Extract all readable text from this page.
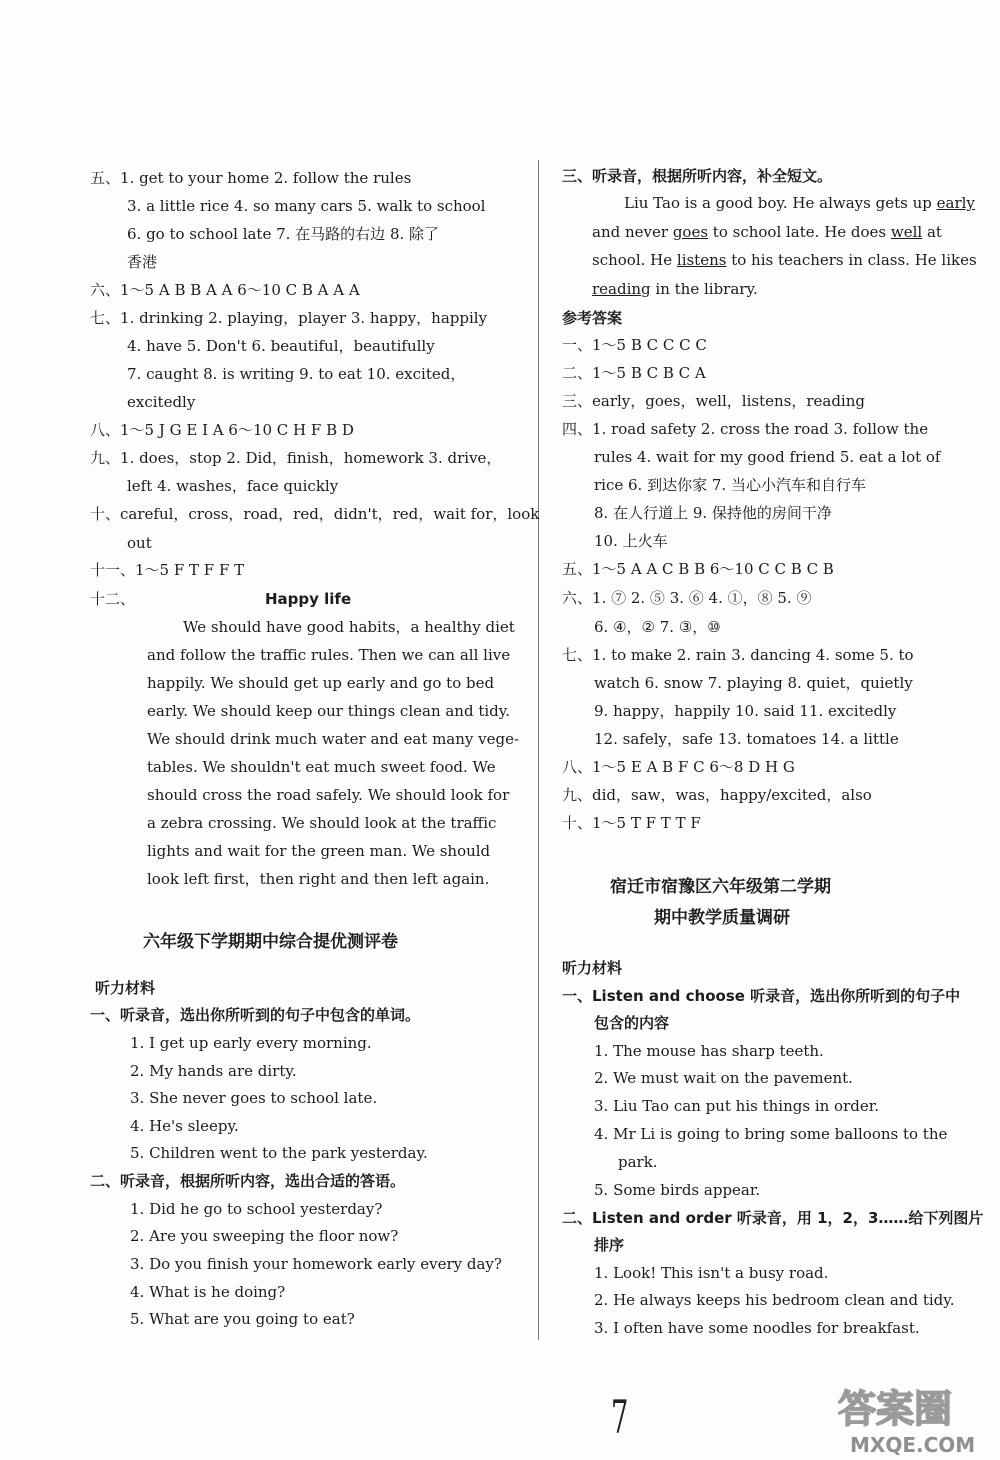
五、1. get to your home 2. follow the rules
3. a little rice 4. so many cars 5. walk to school
6. go to school late 7. 在马路的右边 8. 除了
香港
六、1～5 A B B A A 6～10 C B A A A
七、1. drinking 2. playing，player 3. happy，happily
4. have 5. Don't 6. beautiful，beautifully
7. caught 8. is writing 9. to eat 10. excited，
excitedly
八、1～5 J G E I A 6～10 C H F B D
九、1. does，stop 2. Did，finish，homework 3. drive，
left 4. washes，face quickly
十、careful，cross，road，red，didn't，red，wait for，look
out
十一、1～5 F T F F T
十二、	Happy life
We should have good habits，a healthy diet
and follow the traffic rules. Then we can all live
happily. We should get up early and go to bed
early. We should keep our things clean and tidy.
We should drink much water and eat many vege-
tables. We shouldn't eat much sweet food. We
should cross the road safely. We should look for
a zebra crossing. We should look at the traffic
lights and wait for the green man. We should
look left first，then right and then left again.
六年级下学期期中综合提优测评卷
听力材料
一、听录音，选出你所听到的句子中包含的单词。
1. I get up early every morning.
2. My hands are dirty.
3. She never goes to school late.
4. He's sleepy.
5. Children went to the park yesterday.
二、听录音，根据所听内容，选出合适的答语。
1. Did he go to school yesterday?
2. Are you sweeping the floor now?
3. Do you finish your homework early every day?
4. What is he doing?
5. What are you going to eat?
三、听录音，根据所听内容，补全短文。
Liu Tao is a good boy. He always gets up early
and never goes to school late. He does well at
school. He listens to his teachers in class. He likes
reading in the library.
参考答案
一、1～5 B C C C C
二、1～5 B C B C A
三、early，goes，well，listens，reading
四、1. road safety 2. cross the road 3. follow the
rules 4. wait for my good friend 5. eat a lot of
rice 6. 到达你家 7. 当心小汽车和自行车
8. 在人行道上 9. 保持他的房间干净
10. 上火车
五、1～5 A A C B B 6～10 C C B C B
六、1. ⑦ 2. ⑤ 3. ⑥ 4. ①，⑧ 5. ⑨
6. ④，② 7. ③，⑩
七、1. to make 2. rain 3. dancing 4. some 5. to
watch 6. snow 7. playing 8. quiet，quietly
9. happy，happily 10. said 11. excitedly
12. safely，safe 13. tomatoes 14. a little
八、1～5 E A B F C 6～8 D H G
九、did，saw，was，happy/excited，also
十、1～5 T F T T F
宿迁市宿豫区六年级第二学期
期中教学质量调研
听力材料
一、Listen and choose 听录音，选出你所听到的句子中
包含的内容
1. The mouse has sharp teeth.
2. We must wait on the pavement.
3. Liu Tao can put his things in order.
4. Mr Li is going to bring some balloons to the
park.
5. Some birds appear.
二、Listen and order 听录音，用 1，2，3……给下列图片
排序
1. Look! This isn't a busy road.
2. He always keeps his bedroom clean and tidy.
3. I often have some noodles for breakfast.
7	答案圈
MXQE.COM
